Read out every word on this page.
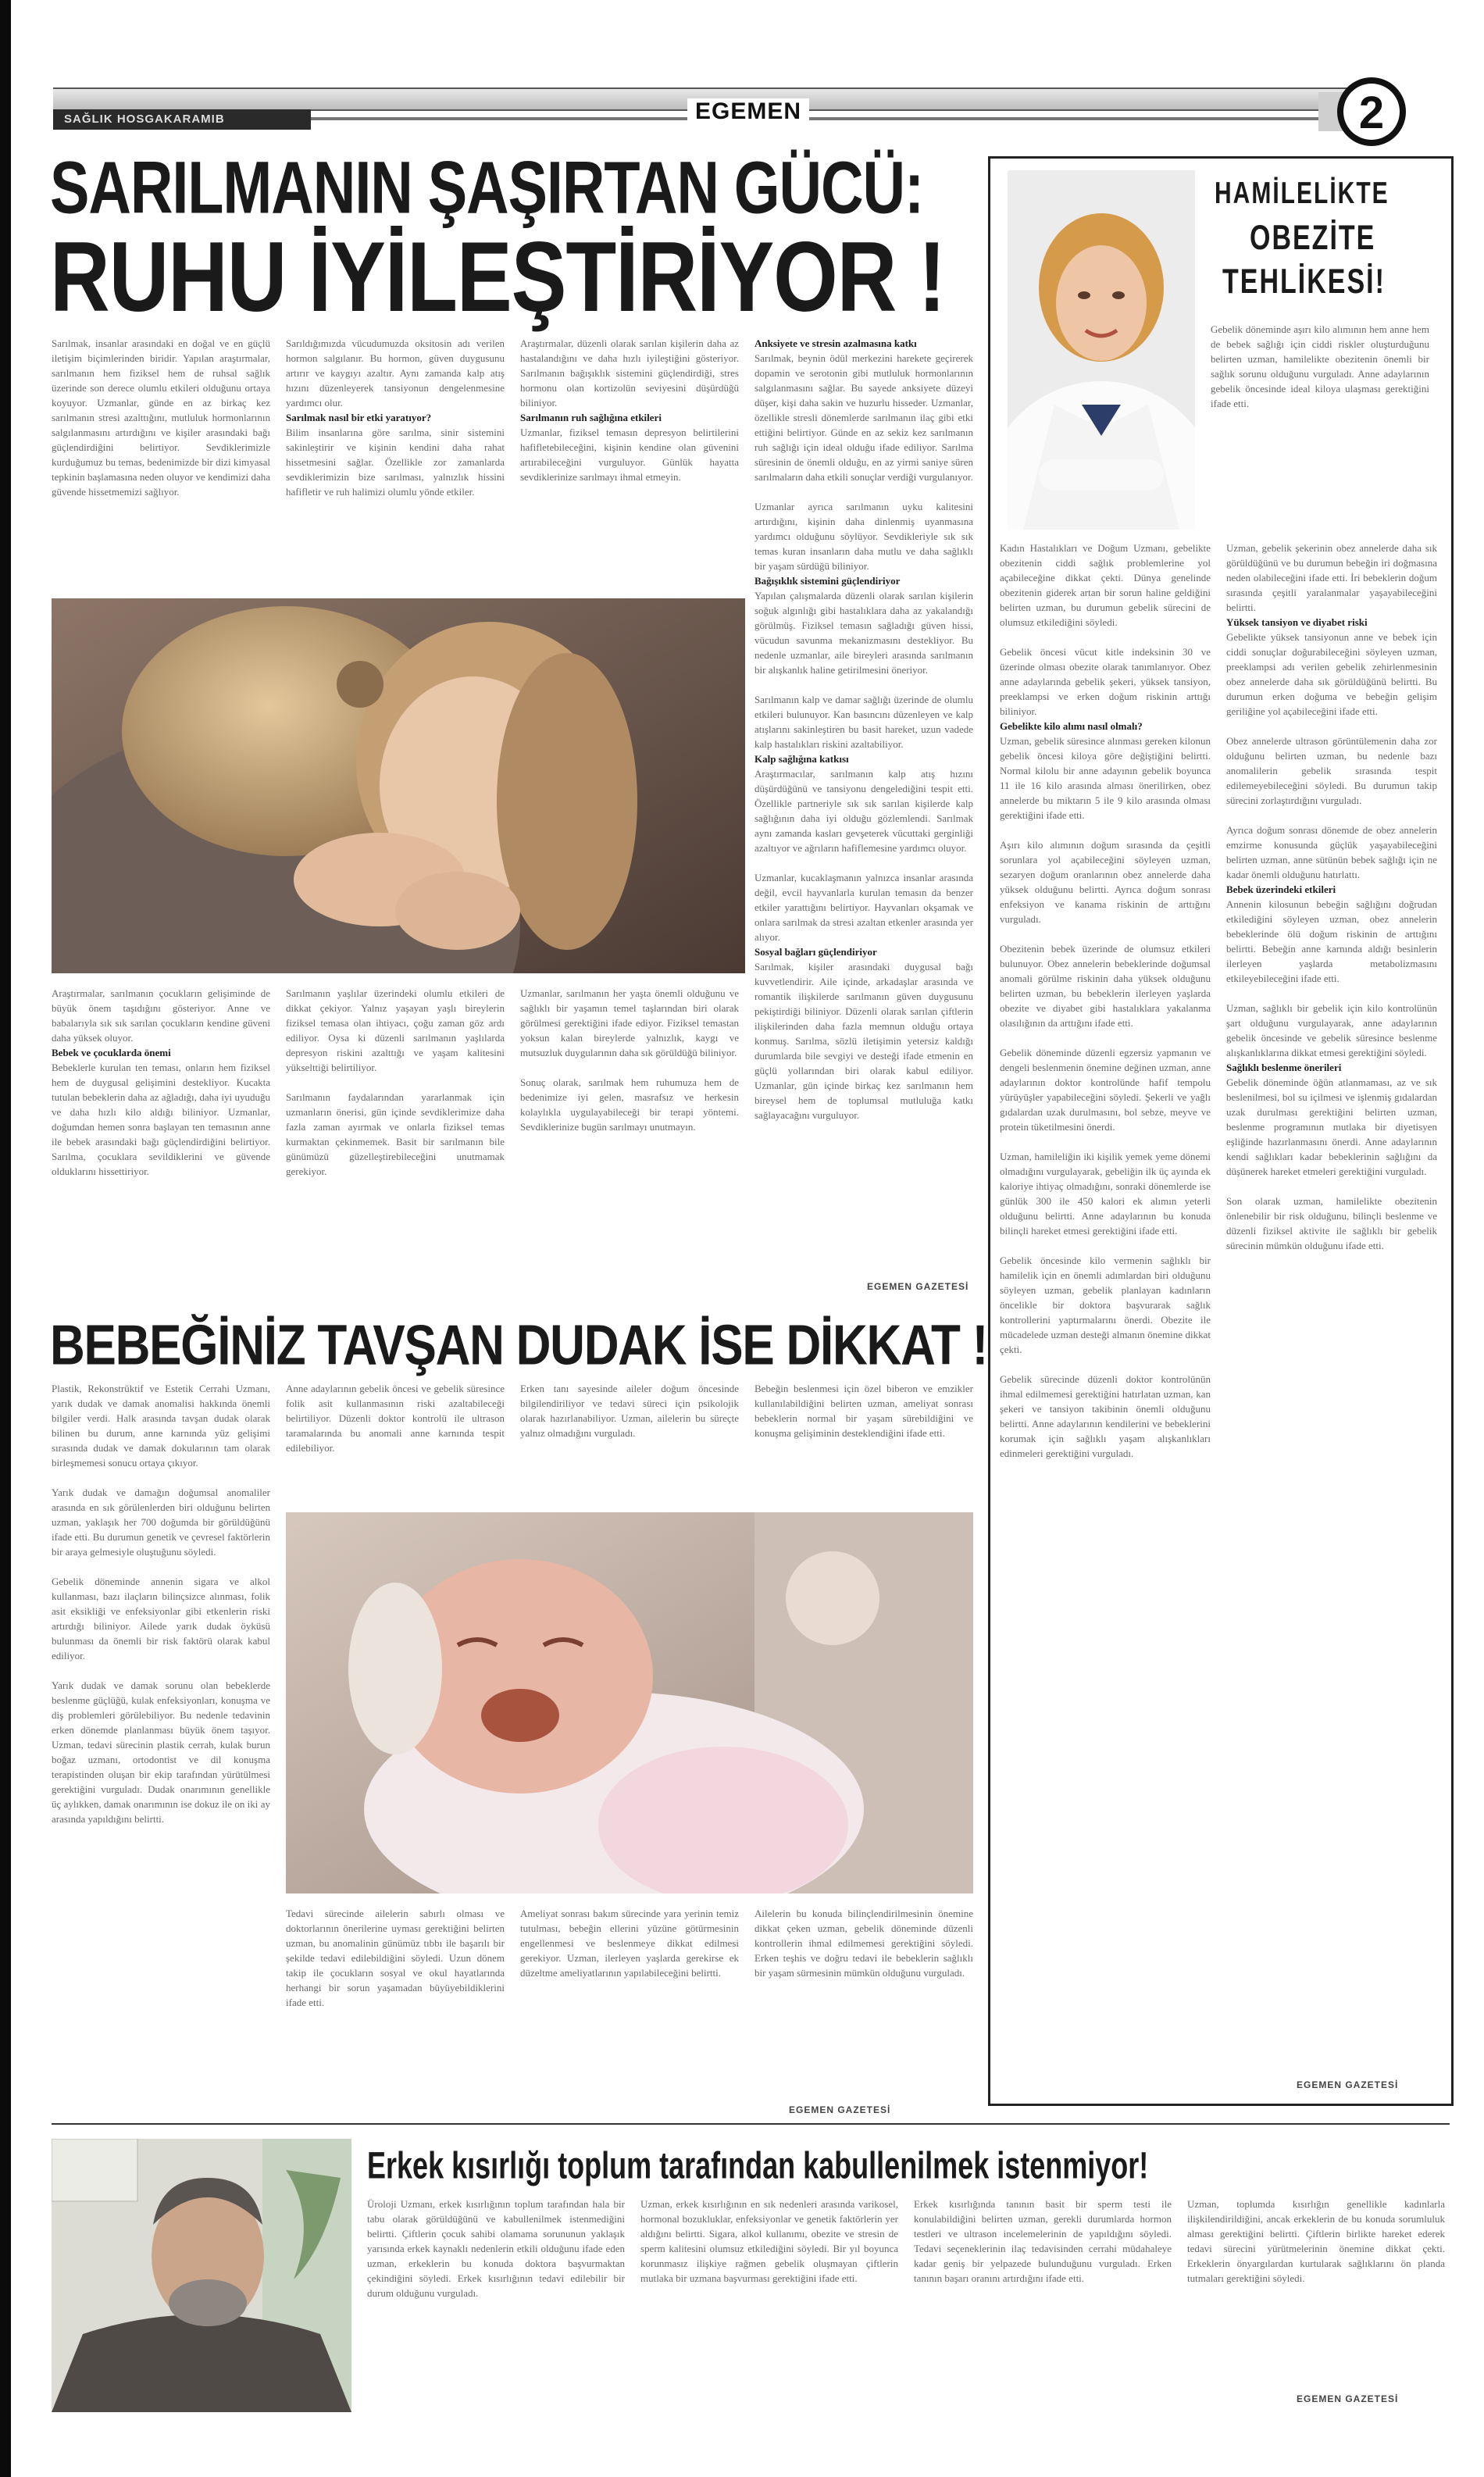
SAĞLIK HOSGAKARAMIB	EGEMEN	2
SARILMANIN ŞAŞIRTAN GÜCÜ:
RUHU İYİLEŞTİRİYOR !
Sarılmak, insanlar arasındaki en doğal ve en güçlü iletişim biçimlerinden biridir. Yapılan araştırmalar, sarılmanın hem fiziksel hem de ruhsal sağlık üzerinde son derece olumlu etkileri olduğunu ortaya koyuyor. Uzmanlar, günde en az birkaç kez sarılmanın stresi azalttığını, mutluluk hormonlarının salgılanmasını artırdığını ve kişiler arasındaki bağı güçlendirdiğini belirtiyor. Sevdiklerimizle kurduğumuz bu temas, bedenimizde bir dizi kimyasal tepkinin başlamasına neden oluyor ve kendimizi daha güvende hissetmemizi sağlıyor.
Sarıldığımızda vücudumuzda oksitosin adı verilen hormon salgılanır. Bu hormon, güven duygusunu artırır ve kaygıyı azaltır. Aynı zamanda kalp atış hızını düzenleyerek tansiyonun dengelenmesine yardımcı olur.
Sarılmak nasıl bir etki yaratıyor?
Bilim insanlarına göre sarılma, sinir sistemini sakinleştirir ve kişinin kendini daha rahat hissetmesini sağlar. Özellikle zor zamanlarda sevdiklerimizin bize sarılması, yalnızlık hissini hafifletir ve ruh halimizi olumlu yönde etkiler.
Araştırmalar, düzenli olarak sarılan kişilerin daha az hastalandığını ve daha hızlı iyileştiğini gösteriyor. Sarılmanın bağışıklık sistemini güçlendirdiği, stres hormonu olan kortizolün seviyesini düşürdüğü biliniyor.
Sarılmanın ruh sağlığına etkileri
Uzmanlar, fiziksel temasın depresyon belirtilerini hafifletebileceğini, kişinin kendine olan güvenini artırabileceğini vurguluyor. Günlük hayatta sevdiklerinize sarılmayı ihmal etmeyin.
Anksiyete ve stresin azalmasına katkı
Sarılmak, beynin ödül merkezini harekete geçirerek dopamin ve serotonin gibi mutluluk hormonlarının salgılanmasını sağlar. Bu sayede anksiyete düzeyi düşer, kişi daha sakin ve huzurlu hisseder. Uzmanlar, özellikle stresli dönemlerde sarılmanın ilaç gibi etki ettiğini belirtiyor. Günde en az sekiz kez sarılmanın ruh sağlığı için ideal olduğu ifade ediliyor. Sarılma süresinin de önemli olduğu, en az yirmi saniye süren sarılmaların daha etkili sonuçlar verdiği vurgulanıyor.

Uzmanlar ayrıca sarılmanın uyku kalitesini artırdığını, kişinin daha dinlenmiş uyanmasına yardımcı olduğunu söylüyor. Sevdikleriyle sık sık temas kuran insanların daha mutlu ve daha sağlıklı bir yaşam sürdüğü biliniyor.
Bağışıklık sistemini güçlendiriyor
Yapılan çalışmalarda düzenli olarak sarılan kişilerin soğuk algınlığı gibi hastalıklara daha az yakalandığı görülmüş. Fiziksel temasın sağladığı güven hissi, vücudun savunma mekanizmasını destekliyor. Bu nedenle uzmanlar, aile bireyleri arasında sarılmanın bir alışkanlık haline getirilmesini öneriyor.

Sarılmanın kalp ve damar sağlığı üzerinde de olumlu etkileri bulunuyor. Kan basıncını düzenleyen ve kalp atışlarını sakinleştiren bu basit hareket, uzun vadede kalp hastalıkları riskini azaltabiliyor.
Kalp sağlığına katkısı
Araştırmacılar, sarılmanın kalp atış hızını düşürdüğünü ve tansiyonu dengelediğini tespit etti. Özellikle partneriyle sık sık sarılan kişilerde kalp sağlığının daha iyi olduğu gözlemlendi. Sarılmak aynı zamanda kasları gevşeterek vücuttaki gerginliği azaltıyor ve ağrıların hafiflemesine yardımcı oluyor.

Uzmanlar, kucaklaşmanın yalnızca insanlar arasında değil, evcil hayvanlarla kurulan temasın da benzer etkiler yarattığını belirtiyor. Hayvanları okşamak ve onlara sarılmak da stresi azaltan etkenler arasında yer alıyor.
Sosyal bağları güçlendiriyor
Sarılmak, kişiler arasındaki duygusal bağı kuvvetlendirir. Aile içinde, arkadaşlar arasında ve romantik ilişkilerde sarılmanın güven duygusunu pekiştirdiği biliniyor. Düzenli olarak sarılan çiftlerin ilişkilerinden daha fazla memnun olduğu ortaya konmuş. Sarılma, sözlü iletişimin yetersiz kaldığı durumlarda bile sevgiyi ve desteği ifade etmenin en güçlü yollarından biri olarak kabul ediliyor. Uzmanlar, gün içinde birkaç kez sarılmanın hem bireysel hem de toplumsal mutluluğa katkı sağlayacağını vurguluyor.
Araştırmalar, sarılmanın çocukların gelişiminde de büyük önem taşıdığını gösteriyor. Anne ve babalarıyla sık sık sarılan çocukların kendine güveni daha yüksek oluyor.
Bebek ve çocuklarda önemi
Bebeklerle kurulan ten teması, onların hem fiziksel hem de duygusal gelişimini destekliyor. Kucakta tutulan bebeklerin daha az ağladığı, daha iyi uyuduğu ve daha hızlı kilo aldığı biliniyor. Uzmanlar, doğumdan hemen sonra başlayan ten temasının anne ile bebek arasındaki bağı güçlendirdiğini belirtiyor. Sarılma, çocuklara sevildiklerini ve güvende olduklarını hissettiriyor.
Sarılmanın yaşlılar üzerindeki olumlu etkileri de dikkat çekiyor. Yalnız yaşayan yaşlı bireylerin fiziksel temasa olan ihtiyacı, çoğu zaman göz ardı ediliyor. Oysa ki düzenli sarılmanın yaşlılarda depresyon riskini azalttığı ve yaşam kalitesini yükselttiği belirtiliyor.

Sarılmanın faydalarından yararlanmak için uzmanların önerisi, gün içinde sevdiklerimize daha fazla zaman ayırmak ve onlarla fiziksel temas kurmaktan çekinmemek. Basit bir sarılmanın bile günümüzü güzelleştirebileceğini unutmamak gerekiyor.
Uzmanlar, sarılmanın her yaşta önemli olduğunu ve sağlıklı bir yaşamın temel taşlarından biri olarak görülmesi gerektiğini ifade ediyor. Fiziksel temastan yoksun kalan bireylerde yalnızlık, kaygı ve mutsuzluk duygularının daha sık görüldüğü biliniyor.

Sonuç olarak, sarılmak hem ruhumuza hem de bedenimize iyi gelen, masrafsız ve herkesin kolaylıkla uygulayabileceği bir terapi yöntemi. Sevdiklerinize bugün sarılmayı unutmayın.
EGEMEN GAZETESİ
BEBEĞİNİZ TAVŞAN DUDAK İSE DİKKAT !
Plastik, Rekonstrüktif ve Estetik Cerrahi Uzmanı, yarık dudak ve damak anomalisi hakkında önemli bilgiler verdi. Halk arasında tavşan dudak olarak bilinen bu durum, anne karnında yüz gelişimi sırasında dudak ve damak dokularının tam olarak birleşmemesi sonucu ortaya çıkıyor.

Yarık dudak ve damağın doğumsal anomaliler arasında en sık görülenlerden biri olduğunu belirten uzman, yaklaşık her 700 doğumda bir görüldüğünü ifade etti. Bu durumun genetik ve çevresel faktörlerin bir araya gelmesiyle oluştuğunu söyledi.

Gebelik döneminde annenin sigara ve alkol kullanması, bazı ilaçların bilinçsizce alınması, folik asit eksikliği ve enfeksiyonlar gibi etkenlerin riski artırdığı biliniyor. Ailede yarık dudak öyküsü bulunması da önemli bir risk faktörü olarak kabul ediliyor.

Yarık dudak ve damak sorunu olan bebeklerde beslenme güçlüğü, kulak enfeksiyonları, konuşma ve diş problemleri görülebiliyor. Bu nedenle tedavinin erken dönemde planlanması büyük önem taşıyor. Uzman, tedavi sürecinin plastik cerrah, kulak burun boğaz uzmanı, ortodontist ve dil konuşma terapistinden oluşan bir ekip tarafından yürütülmesi gerektiğini vurguladı. Dudak onarımının genellikle üç aylıkken, damak onarımının ise dokuz ile on iki ay arasında yapıldığını belirtti.
Anne adaylarının gebelik öncesi ve gebelik süresince folik asit kullanmasının riski azaltabileceği belirtiliyor. Düzenli doktor kontrolü ile ultrason taramalarında bu anomali anne karnında tespit edilebiliyor.
Erken tanı sayesinde aileler doğum öncesinde bilgilendiriliyor ve tedavi süreci için psikolojik olarak hazırlanabiliyor. Uzman, ailelerin bu süreçte yalnız olmadığını vurguladı.
Bebeğin beslenmesi için özel biberon ve emzikler kullanılabildiğini belirten uzman, ameliyat sonrası bebeklerin normal bir yaşam sürebildiğini ve konuşma gelişiminin desteklendiğini ifade etti.
Tedavi sürecinde ailelerin sabırlı olması ve doktorlarının önerilerine uyması gerektiğini belirten uzman, bu anomalinin günümüz tıbbı ile başarılı bir şekilde tedavi edilebildiğini söyledi. Uzun dönem takip ile çocukların sosyal ve okul hayatlarında herhangi bir sorun yaşamadan büyüyebildiklerini ifade etti.
Ameliyat sonrası bakım sürecinde yara yerinin temiz tutulması, bebeğin ellerini yüzüne götürmesinin engellenmesi ve beslenmeye dikkat edilmesi gerekiyor. Uzman, ilerleyen yaşlarda gerekirse ek düzeltme ameliyatlarının yapılabileceğini belirtti.
Ailelerin bu konuda bilinçlendirilmesinin önemine dikkat çeken uzman, gebelik döneminde düzenli kontrollerin ihmal edilmemesi gerektiğini söyledi. Erken teşhis ve doğru tedavi ile bebeklerin sağlıklı bir yaşam sürmesinin mümkün olduğunu vurguladı.
EGEMEN GAZETESİ
HAMİLELİKTE
OBEZİTE
TEHLİKESİ!
Gebelik döneminde aşırı kilo alımının hem anne hem de bebek sağlığı için ciddi riskler oluşturduğunu belirten uzman, hamilelikte obezitenin önemli bir sağlık sorunu olduğunu vurguladı. Anne adaylarının gebelik öncesinde ideal kiloya ulaşması gerektiğini ifade etti.
Kadın Hastalıkları ve Doğum Uzmanı, gebelikte obezitenin ciddi sağlık problemlerine yol açabileceğine dikkat çekti. Dünya genelinde obezitenin giderek artan bir sorun haline geldiğini belirten uzman, bu durumun gebelik sürecini de olumsuz etkilediğini söyledi.

Gebelik öncesi vücut kitle indeksinin 30 ve üzerinde olması obezite olarak tanımlanıyor. Obez anne adaylarında gebelik şekeri, yüksek tansiyon, preeklampsi ve erken doğum riskinin arttığı biliniyor.
Gebelikte kilo alımı nasıl olmalı?
Uzman, gebelik süresince alınması gereken kilonun gebelik öncesi kiloya göre değiştiğini belirtti. Normal kilolu bir anne adayının gebelik boyunca 11 ile 16 kilo arasında alması önerilirken, obez annelerde bu miktarın 5 ile 9 kilo arasında olması gerektiğini ifade etti.

Aşırı kilo alımının doğum sırasında da çeşitli sorunlara yol açabileceğini söyleyen uzman, sezaryen doğum oranlarının obez annelerde daha yüksek olduğunu belirtti. Ayrıca doğum sonrası enfeksiyon ve kanama riskinin de arttığını vurguladı.

Obezitenin bebek üzerinde de olumsuz etkileri bulunuyor. Obez annelerin bebeklerinde doğumsal anomali görülme riskinin daha yüksek olduğunu belirten uzman, bu bebeklerin ilerleyen yaşlarda obezite ve diyabet gibi hastalıklara yakalanma olasılığının da arttığını ifade etti.

Gebelik döneminde düzenli egzersiz yapmanın ve dengeli beslenmenin önemine değinen uzman, anne adaylarının doktor kontrolünde hafif tempolu yürüyüşler yapabileceğini söyledi. Şekerli ve yağlı gıdalardan uzak durulmasını, bol sebze, meyve ve protein tüketilmesini önerdi.

Uzman, hamileliğin iki kişilik yemek yeme dönemi olmadığını vurgulayarak, gebeliğin ilk üç ayında ek kaloriye ihtiyaç olmadığını, sonraki dönemlerde ise günlük 300 ile 450 kalori ek alımın yeterli olduğunu belirtti. Anne adaylarının bu konuda bilinçli hareket etmesi gerektiğini ifade etti.

Gebelik öncesinde kilo vermenin sağlıklı bir hamilelik için en önemli adımlardan biri olduğunu söyleyen uzman, gebelik planlayan kadınların öncelikle bir doktora başvurarak sağlık kontrollerini yaptırmalarını önerdi. Obezite ile mücadelede uzman desteği almanın önemine dikkat çekti.

Gebelik sürecinde düzenli doktor kontrolünün ihmal edilmemesi gerektiğini hatırlatan uzman, kan şekeri ve tansiyon takibinin önemli olduğunu belirtti. Anne adaylarının kendilerini ve bebeklerini korumak için sağlıklı yaşam alışkanlıkları edinmeleri gerektiğini vurguladı.
Uzman, gebelik şekerinin obez annelerde daha sık görüldüğünü ve bu durumun bebeğin iri doğmasına neden olabileceğini ifade etti. İri bebeklerin doğum sırasında çeşitli yaralanmalar yaşayabileceğini belirtti.
Yüksek tansiyon ve diyabet riski
Gebelikte yüksek tansiyonun anne ve bebek için ciddi sonuçlar doğurabileceğini söyleyen uzman, preeklampsi adı verilen gebelik zehirlenmesinin obez annelerde daha sık görüldüğünü belirtti. Bu durumun erken doğuma ve bebeğin gelişim geriliğine yol açabileceğini ifade etti.

Obez annelerde ultrason görüntülemenin daha zor olduğunu belirten uzman, bu nedenle bazı anomalilerin gebelik sırasında tespit edilemeyebileceğini söyledi. Bu durumun takip sürecini zorlaştırdığını vurguladı.

Ayrıca doğum sonrası dönemde de obez annelerin emzirme konusunda güçlük yaşayabileceğini belirten uzman, anne sütünün bebek sağlığı için ne kadar önemli olduğunu hatırlattı.
Bebek üzerindeki etkileri
Annenin kilosunun bebeğin sağlığını doğrudan etkilediğini söyleyen uzman, obez annelerin bebeklerinde ölü doğum riskinin de arttığını belirtti. Bebeğin anne karnında aldığı besinlerin ilerleyen yaşlarda metabolizmasını etkileyebileceğini ifade etti.

Uzman, sağlıklı bir gebelik için kilo kontrolünün şart olduğunu vurgulayarak, anne adaylarının gebelik öncesinde ve gebelik süresince beslenme alışkanlıklarına dikkat etmesi gerektiğini söyledi.
Sağlıklı beslenme önerileri
Gebelik döneminde öğün atlanmaması, az ve sık beslenilmesi, bol su içilmesi ve işlenmiş gıdalardan uzak durulması gerektiğini belirten uzman, beslenme programının mutlaka bir diyetisyen eşliğinde hazırlanmasını önerdi. Anne adaylarının kendi sağlıkları kadar bebeklerinin sağlığını da düşünerek hareket etmeleri gerektiğini vurguladı.

Son olarak uzman, hamilelikte obezitenin önlenebilir bir risk olduğunu, bilinçli beslenme ve düzenli fiziksel aktivite ile sağlıklı bir gebelik sürecinin mümkün olduğunu ifade etti.
EGEMEN GAZETESİ
Erkek kısırlığı toplum tarafından kabullenilmek istenmiyor!
Üroloji Uzmanı, erkek kısırlığının toplum tarafından hala bir tabu olarak görüldüğünü ve kabullenilmek istenmediğini belirtti. Çiftlerin çocuk sahibi olamama sorununun yaklaşık yarısında erkek kaynaklı nedenlerin etkili olduğunu ifade eden uzman, erkeklerin bu konuda doktora başvurmaktan çekindiğini söyledi. Erkek kısırlığının tedavi edilebilir bir durum olduğunu vurguladı.
Uzman, erkek kısırlığının en sık nedenleri arasında varikosel, hormonal bozukluklar, enfeksiyonlar ve genetik faktörlerin yer aldığını belirtti. Sigara, alkol kullanımı, obezite ve stresin de sperm kalitesini olumsuz etkilediğini söyledi. Bir yıl boyunca korunmasız ilişkiye rağmen gebelik oluşmayan çiftlerin mutlaka bir uzmana başvurması gerektiğini ifade etti.
Erkek kısırlığında tanının basit bir sperm testi ile konulabildiğini belirten uzman, gerekli durumlarda hormon testleri ve ultrason incelemelerinin de yapıldığını söyledi. Tedavi seçeneklerinin ilaç tedavisinden cerrahi müdahaleye kadar geniş bir yelpazede bulunduğunu vurguladı. Erken tanının başarı oranını artırdığını ifade etti.
Uzman, toplumda kısırlığın genellikle kadınlarla ilişkilendirildiğini, ancak erkeklerin de bu konuda sorumluluk alması gerektiğini belirtti. Çiftlerin birlikte hareket ederek tedavi sürecini yürütmelerinin önemine dikkat çekti. Erkeklerin önyargılardan kurtularak sağlıklarını ön planda tutmaları gerektiğini söyledi.
EGEMEN GAZETESİ
